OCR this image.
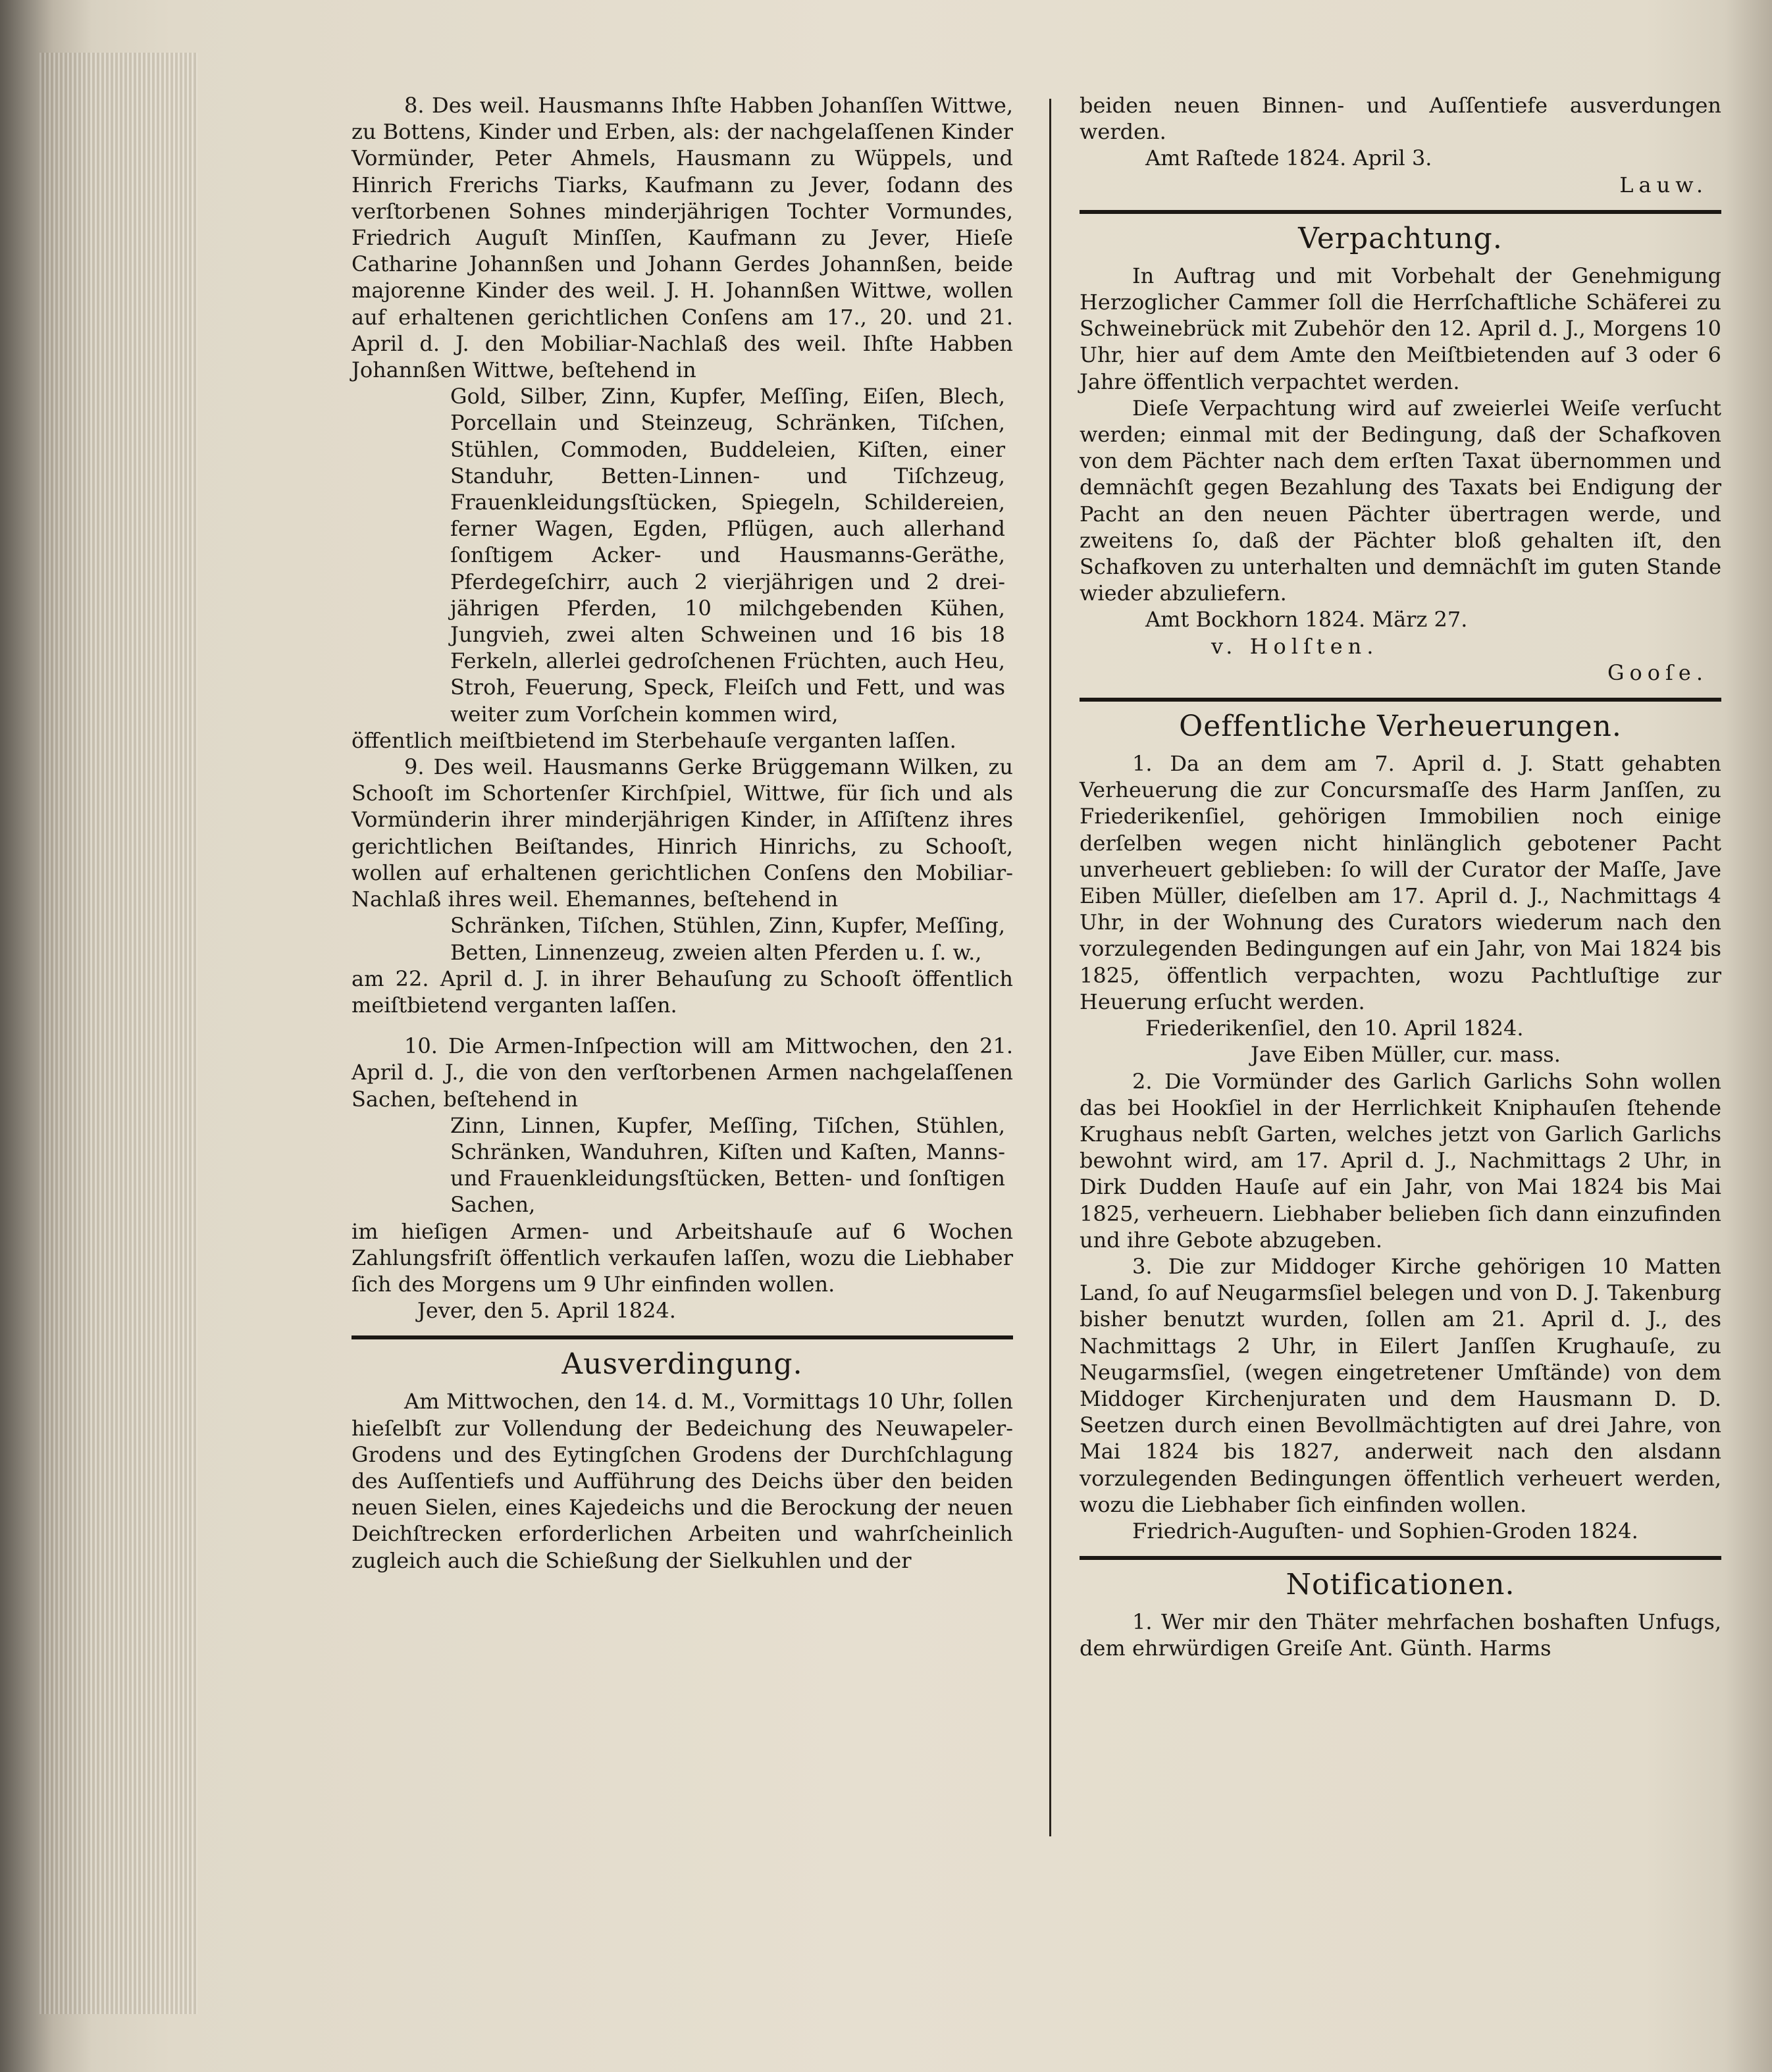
8. Des weil. Hausmanns Ihſte Habben Johanſſen Wittwe, zu Bottens, Kinder und Erben, als: der nachgelaſſenen Kinder Vormünder, Peter Ahmels, Hausmann zu Wüppels, und Hinrich Frerichs Tiarks, Kaufmann zu Jever, ſodann des verſtorbenen Sohnes minderjährigen Tochter Vormundes, Friedrich Auguſt Minſſen, Kaufmann zu Jever, Hieſe Catharine Johannßen und Johann Gerdes Johannßen, beide majorenne Kinder des weil. J. H. Johannßen Wittwe, wollen auf erhaltenen gerichtlichen Conſens am 17., 20. und 21. April d. J. den Mobiliar-Nachlaß des weil. Ihſte Habben Johannßen Wittwe, beſtehend in

Gold, Silber, Zinn, Kupfer, Meſſing, Eiſen, Blech, Porcellain und Steinzeug, Schränken, Tiſchen, Stühlen, Commoden, Buddeleien, Kiſten, einer Standuhr, Betten-Linnen- und Tiſchzeug, Frauenkleidungsſtücken, Spiegeln, Schildereien, ferner Wagen, Egden, Pflügen, auch allerhand ſonſtigem Acker- und Hausmanns-Geräthe, Pferdegeſchirr, auch 2 vierjährigen und 2 drei-jährigen Pferden, 10 milchgebenden Kühen, Jungvieh, zwei alten Schweinen und 16 bis 18 Ferkeln, allerlei gedroſchenen Früchten, auch Heu, Stroh, Feuerung, Speck, Fleiſch und Fett, und was weiter zum Vorſchein kommen wird,

öffentlich meiſtbietend im Sterbehauſe verganten laſſen.

9. Des weil. Hausmanns Gerke Brüggemann Wilken, zu Schooſt im Schortenſer Kirchſpiel, Wittwe, für ſich und als Vormünderin ihrer minderjährigen Kinder, in Aſſiſtenz ihres gerichtlichen Beiſtandes, Hinrich Hinrichs, zu Schooſt, wollen auf erhaltenen gerichtlichen Conſens den Mobiliar-Nachlaß ihres weil. Ehemannes, beſtehend in

Schränken, Tiſchen, Stühlen, Zinn, Kupfer, Meſſing, Betten, Linnenzeug, zweien alten Pferden u. ſ. w.,

am 22. April d. J. in ihrer Behauſung zu Schooſt öffentlich meiſtbietend verganten laſſen.

10. Die Armen-Inſpection will am Mittwochen, den 21. April d. J., die von den verſtorbenen Armen nachgelaſſenen Sachen, beſtehend in

Zinn, Linnen, Kupfer, Meſſing, Tiſchen, Stühlen, Schränken, Wanduhren, Kiſten und Kaſten, Manns- und Frauenkleidungsſtücken, Betten- und ſonſtigen Sachen,

im hieſigen Armen- und Arbeitshauſe auf 6 Wochen Zahlungsfriſt öffentlich verkaufen laſſen, wozu die Liebhaber ſich des Morgens um 9 Uhr einfinden wollen.

Jever, den 5. April 1824.

Ausverdingung.

Am Mittwochen, den 14. d. M., Vormittags 10 Uhr, ſollen hieſelbſt zur Vollendung der Bedeichung des Neuwapeler-Grodens und des Eytingſchen Grodens der Durchſchlagung des Auſſentiefs und Aufführung des Deichs über den beiden neuen Sielen, eines Kajedeichs und die Berockung der neuen Deichſtrecken erforderlichen Arbeiten und wahrſcheinlich zugleich auch die Schießung der Sielkuhlen und der

beiden neuen Binnen- und Auſſentiefe ausverdungen werden.

Amt Raſtede 1824. April 3.

Lauw.

Verpachtung.

In Auftrag und mit Vorbehalt der Genehmigung Herzoglicher Cammer ſoll die Herrſchaftliche Schäferei zu Schweinebrück mit Zubehör den 12. April d. J., Morgens 10 Uhr, hier auf dem Amte den Meiſtbietenden auf 3 oder 6 Jahre öffentlich verpachtet werden.

Dieſe Verpachtung wird auf zweierlei Weiſe verſucht werden; einmal mit der Bedingung, daß der Schafkoven von dem Pächter nach dem erſten Taxat übernommen und demnächſt gegen Bezahlung des Taxats bei Endigung der Pacht an den neuen Pächter übertragen werde, und zweitens ſo, daß der Pächter bloß gehalten iſt, den Schafkoven zu unterhalten und demnächſt im guten Stande wieder abzuliefern.

Amt Bockhorn 1824. März 27.

v. Holſten.

Gooſe.

Oeffentliche Verheuerungen.

1. Da an dem am 7. April d. J. Statt gehabten Verheuerung die zur Concursmaſſe des Harm Janſſen, zu Friederikenſiel, gehörigen Immobilien noch einige derſelben wegen nicht hinlänglich gebotener Pacht unverheuert geblieben: ſo will der Curator der Maſſe, Jave Eiben Müller, dieſelben am 17. April d. J., Nachmittags 4 Uhr, in der Wohnung des Curators wiederum nach den vorzulegenden Bedingungen auf ein Jahr, von Mai 1824 bis 1825, öffentlich verpachten, wozu Pachtluſtige zur Heuerung erſucht werden.

Friederikenſiel, den 10. April 1824.

Jave Eiben Müller, cur. mass.

2. Die Vormünder des Garlich Garlichs Sohn wollen das bei Hookſiel in der Herrlichkeit Kniphauſen ſtehende Krughaus nebſt Garten, welches jetzt von Garlich Garlichs bewohnt wird, am 17. April d. J., Nachmittags 2 Uhr, in Dirk Dudden Hauſe auf ein Jahr, von Mai 1824 bis Mai 1825, verheuern. Liebhaber belieben ſich dann einzufinden und ihre Gebote abzugeben.

3. Die zur Middoger Kirche gehörigen 10 Matten Land, ſo auf Neugarmsſiel belegen und von D. J. Takenburg bisher benutzt wurden, ſollen am 21. April d. J., des Nachmittags 2 Uhr, in Eilert Janſſen Krughauſe, zu Neugarmsſiel, (wegen eingetretener Umſtände) von dem Middoger Kirchenjuraten und dem Hausmann D. D. Seetzen durch einen Bevollmächtigten auf drei Jahre, von Mai 1824 bis 1827, anderweit nach den alsdann vorzulegenden Bedingungen öffentlich verheuert werden, wozu die Liebhaber ſich einfinden wollen.

Friedrich-Auguſten- und Sophien-Groden 1824.

Notificationen.

1. Wer mir den Thäter mehrfachen boshaften Unfugs, dem ehrwürdigen Greiſe Ant. Günth. Harms
